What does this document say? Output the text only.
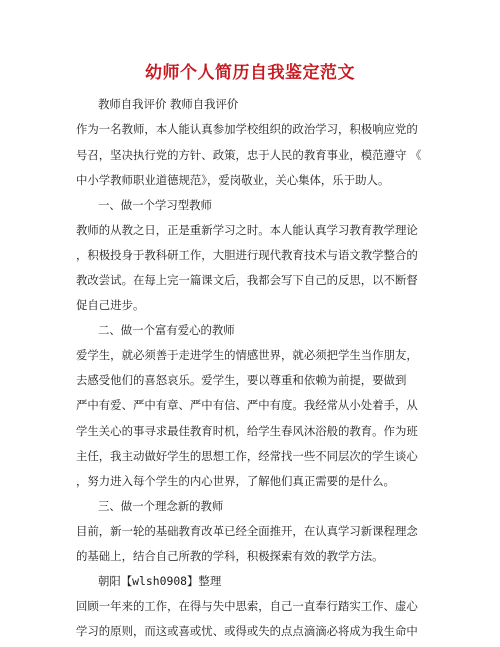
幼师个人简历自我鉴定范文
教师自我评价 教师自我评价
作为一名教师，本人能认真参加学校组织的政治学习，积极响应党的
号召，坚决执行党的方针、政策，忠于人民的教育事业，模范遵守 《
中小学教师职业道德规范》，爱岗敬业，关心集体，乐于助人。
一、做一个学习型教师
教师的从教之日，正是重新学习之时。本人能认真学习教育教学理论
，积极投身于教科研工作，大胆进行现代教育技术与语文教学整合的
教改尝试。在每上完一篇课文后，我都会写下自己的反思，以不断督
促自己进步。
二、做一个富有爱心的教师
爱学生，就必须善于走进学生的情感世界，就必须把学生当作朋友，
去感受他们的喜怒哀乐。爱学生，要以尊重和依赖为前提，要做到
严中有爱、严中有章、严中有信、严中有度。我经常从小处着手，从
学生关心的事寻求最佳教育时机，给学生春风沐浴般的教育。作为班
主任，我主动做好学生的思想工作，经常找一些不同层次的学生谈心
，努力进入每个学生的内心世界，了解他们真正需要的是什么。
三、做一个理念新的教师
目前，新一轮的基础教育改革已经全面推开，在认真学习新课程理念
的基础上，结合自己所教的学科，积极探索有效的教学方法。
朝阳【wlsh0908】整理
回顾一年来的工作，在得与失中思索，自己一直奉行踏实工作、虚心
学习的原则，而这或喜或忧、或得或失的点点滴滴必将成为我生命中
